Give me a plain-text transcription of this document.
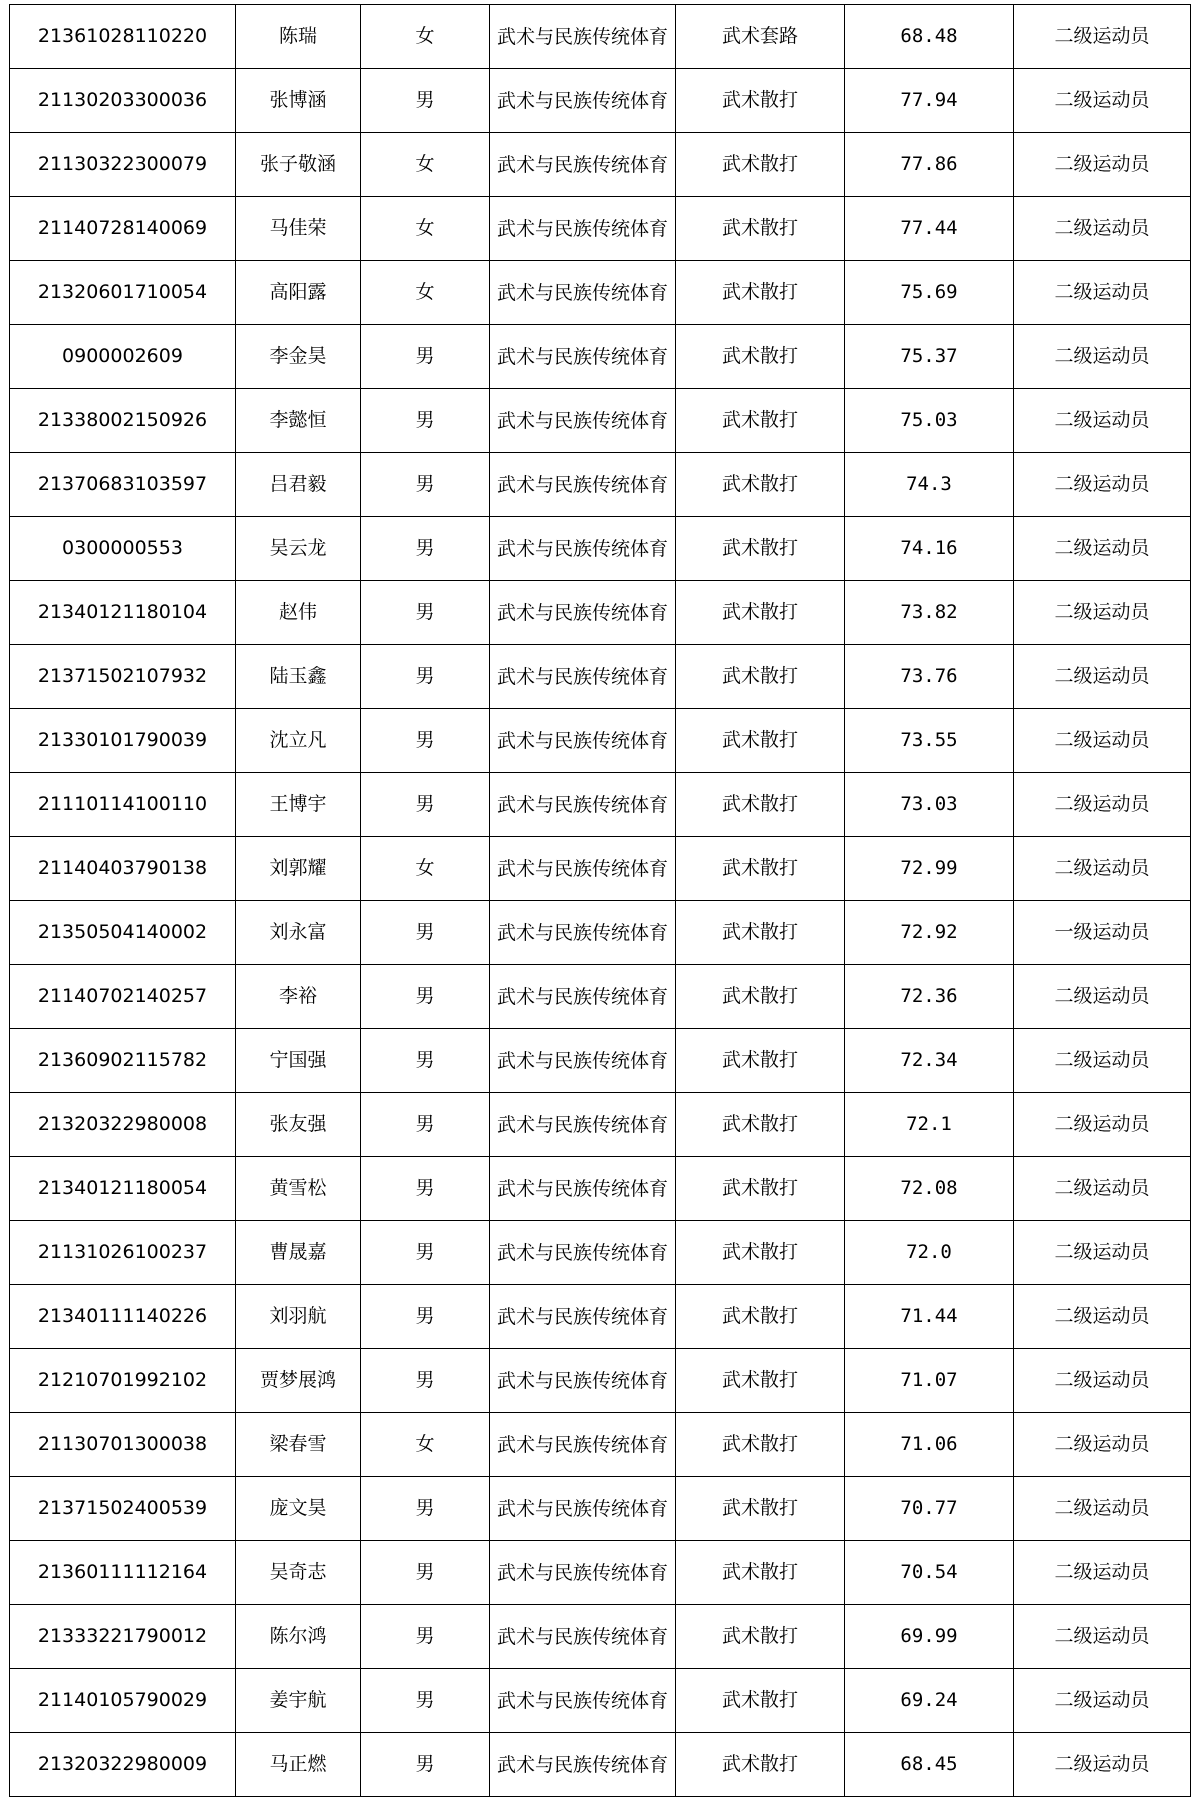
21361028110220	陈瑞	女	武术与民族传统体育	武术套路	68.48	二级运动员
21130203300036	张博涵	男	武术与民族传统体育	武术散打	77.94	二级运动员
21130322300079	张子敬涵	女	武术与民族传统体育	武术散打	77.86	二级运动员
21140728140069	马佳荣	女	武术与民族传统体育	武术散打	77.44	二级运动员
21320601710054	高阳露	女	武术与民族传统体育	武术散打	75.69	二级运动员
0900002609	李金昊	男	武术与民族传统体育	武术散打	75.37	二级运动员
21338002150926	李懿恒	男	武术与民族传统体育	武术散打	75.03	二级运动员
21370683103597	吕君毅	男	武术与民族传统体育	武术散打	74.3	二级运动员
0300000553	吴云龙	男	武术与民族传统体育	武术散打	74.16	二级运动员
21340121180104	赵伟	男	武术与民族传统体育	武术散打	73.82	二级运动员
21371502107932	陆玉鑫	男	武术与民族传统体育	武术散打	73.76	二级运动员
21330101790039	沈立凡	男	武术与民族传统体育	武术散打	73.55	二级运动员
21110114100110	王博宇	男	武术与民族传统体育	武术散打	73.03	二级运动员
21140403790138	刘郭耀	女	武术与民族传统体育	武术散打	72.99	二级运动员
21350504140002	刘永富	男	武术与民族传统体育	武术散打	72.92	一级运动员
21140702140257	李裕	男	武术与民族传统体育	武术散打	72.36	二级运动员
21360902115782	宁国强	男	武术与民族传统体育	武术散打	72.34	二级运动员
21320322980008	张友强	男	武术与民族传统体育	武术散打	72.1	二级运动员
21340121180054	黄雪松	男	武术与民族传统体育	武术散打	72.08	二级运动员
21131026100237	曹晟嘉	男	武术与民族传统体育	武术散打	72.0	二级运动员
21340111140226	刘羽航	男	武术与民族传统体育	武术散打	71.44	二级运动员
21210701992102	贾梦展鸿	男	武术与民族传统体育	武术散打	71.07	二级运动员
21130701300038	梁春雪	女	武术与民族传统体育	武术散打	71.06	二级运动员
21371502400539	庞文昊	男	武术与民族传统体育	武术散打	70.77	二级运动员
21360111112164	吴奇志	男	武术与民族传统体育	武术散打	70.54	二级运动员
21333221790012	陈尔鸿	男	武术与民族传统体育	武术散打	69.99	二级运动员
21140105790029	姜宇航	男	武术与民族传统体育	武术散打	69.24	二级运动员
21320322980009	马正燃	男	武术与民族传统体育	武术散打	68.45	二级运动员
